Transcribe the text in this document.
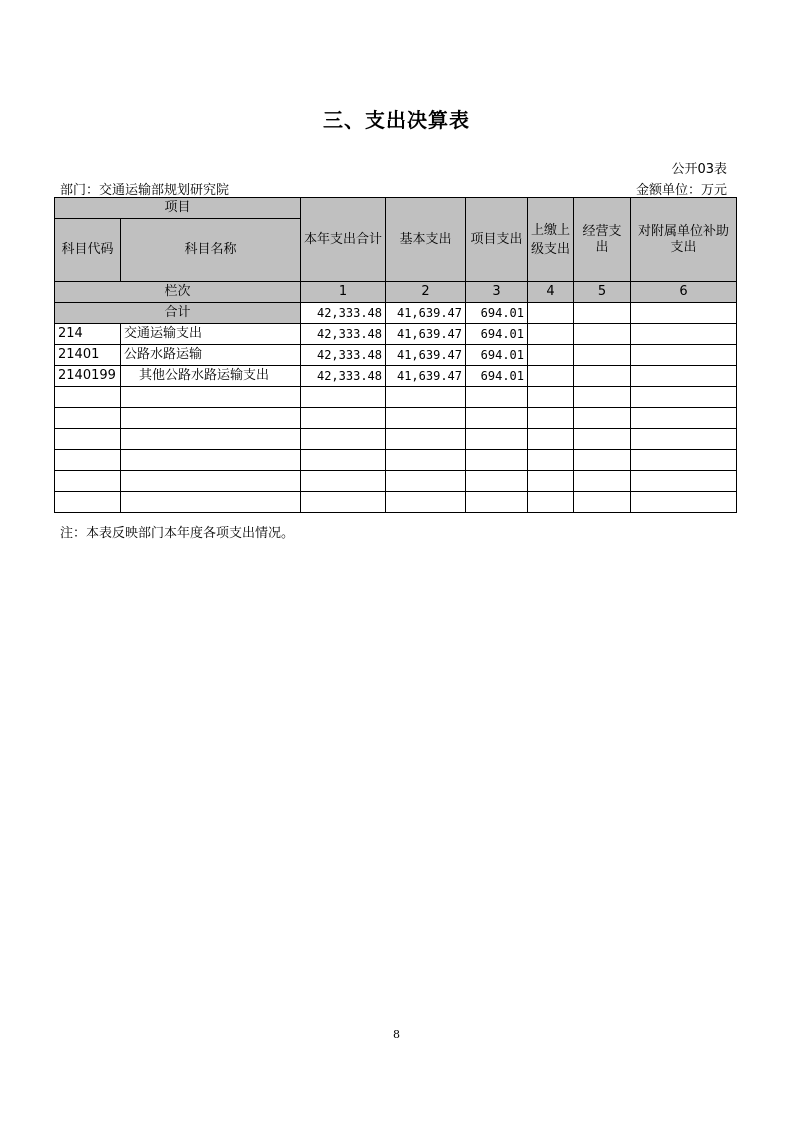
三、支出决算表
公开03表
部门：交通运输部规划研究院	金额单位：万元
项目		本年支出合计	基本支出	项目支出	上缴上级支出	经营支出	对附属单位补助支出
科目代码	科目名称						
栏次		1	2	3	4	5	6
合计		42,333.48	41,639.47	694.01			
214	交通运输支出	42,333.48	41,639.47	694.01			
21401	公路水路运输	42,333.48	41,639.47	694.01			
2140199	其他公路水路运输支出	42,333.48	41,639.47	694.01			

注：本表反映部门本年度各项支出情况。
8
